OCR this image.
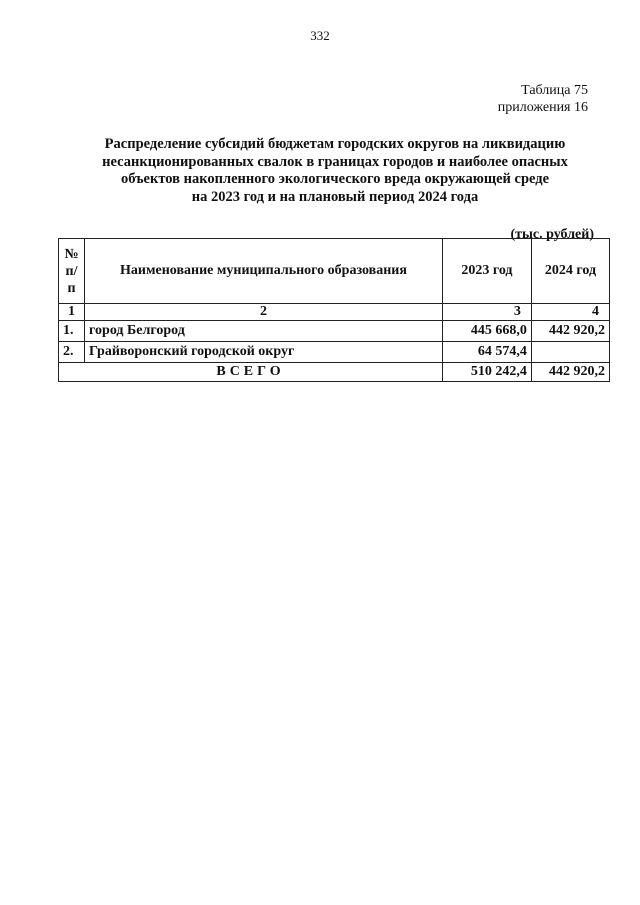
332
Таблица 75
приложения 16
Распределение субсидий бюджетам городских округов на ликвидацию
несанкционированных свалок в границах городов и наиболее опасных
объектов накопленного экологического вреда окружающей среде
на 2023 год и на плановый период 2024 года
(тыс. рублей)
№
п/п	Наименование муниципального образования	2023 год	2024 год
1	2	3	4
1.	город Белгород	445 668,0	442 920,2
2.	Грайворонский городской округ	64 574,4	
ВСЕГО		510 242,4	442 920,2
